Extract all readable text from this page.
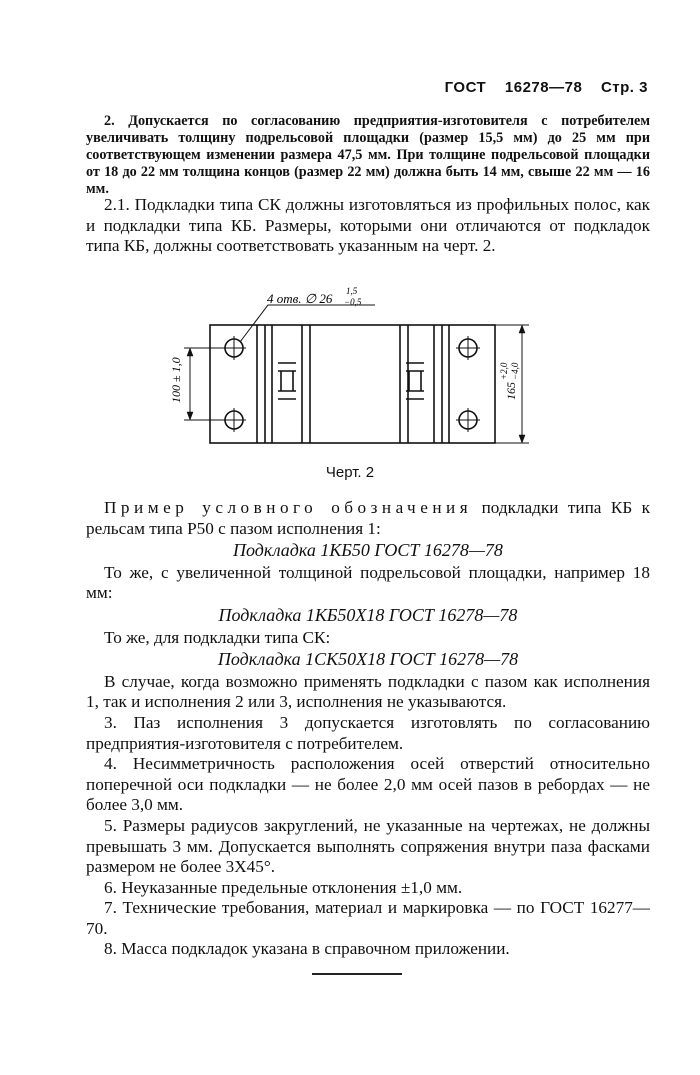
ГОСТ 16278—78 Стр. 3

2. Допускается по согласованию предприятия-изготовителя с потребителем увеличивать толщину подрельсовой площадки (размер 15,5 мм) до 25 мм при соответствующем изменении размера 47,5 мм. При толщине подрельсовой площадки от 18 до 22 мм толщина концов (размер 22 мм) должна быть 14 мм, свыше 22 мм — 16 мм.

2.1. Подкладки типа СК должны изготовляться из профильных полос, как и подкладки типа КБ. Размеры, которыми они отличаются от подкладок типа КБ, должны соответствовать указанным на черт. 2.

4 отв. ∅ 26 1,5
−0,5
100 ± 1,0	165
+2,0 −4,0
Черт. 2

Пример условного обозначения подкладки типа КБ к рельсам типа Р50 с пазом исполнения 1:

Подкладка 1КБ50 ГОСТ 16278—78

То же, с увеличенной толщиной подрельсовой площадки, например 18 мм:

Подкладка 1КБ50Х18 ГОСТ 16278—78

То же, для подкладки типа СК:

Подкладка 1СК50Х18 ГОСТ 16278—78

В случае, когда возможно применять подкладки с пазом как исполнения 1, так и исполнения 2 или 3, исполнения не указываются.

3. Паз исполнения 3 допускается изготовлять по согласованию предприятия-изготовителя с потребителем.

4. Несимметричность расположения осей отверстий относительно поперечной оси подкладки — не более 2,0 мм осей пазов в ребордах — не более 3,0 мм.

5. Размеры радиусов закруглений, не указанные на чертежах, не должны превышать 3 мм. Допускается выполнять сопряжения внутри паза фасками размером не более 3Х45°.

6. Неуказанные предельные отклонения ±1,0 мм.

7. Технические требования, материал и маркировка — по ГОСТ 16277—70.

8. Масса подкладок указана в справочном приложении.
